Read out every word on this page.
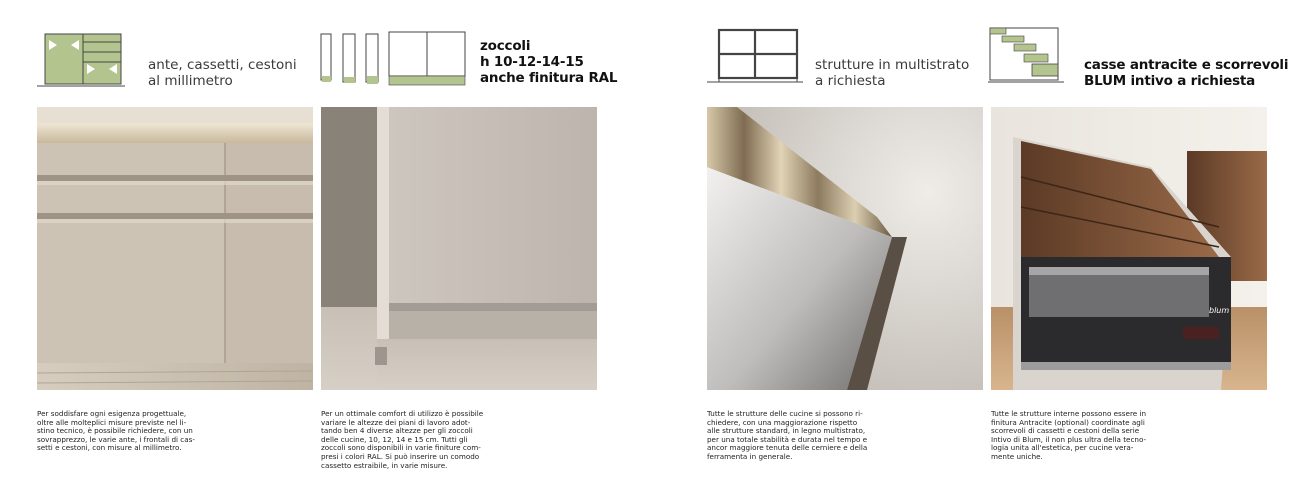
ante, cassetti, cestoni
al millimetro
zoccoli
h 10-12-14-15
anche finitura RAL
strutture in multistrato
a richiesta
casse antracite e scorrevoli
BLUM intivo a richiesta
blum
Per soddisfare ogni esigenza progettuale,
oltre alle molteplici misure previste nel li-
stino tecnico, è possibile richiedere, con un
sovrapprezzo, le varie ante, i frontali di cas-
setti e cestoni, con misure al millimetro.
Per un ottimale comfort di utilizzo è possibile
variare le altezze dei piani di lavoro adot-
tando ben 4 diverse altezze per gli zoccoli
delle cucine, 10, 12, 14 e 15 cm. Tutti gli
zoccoli sono disponibili in varie finiture com-
presi i colori RAL. Si può inserire un comodo
cassetto estraibile, in varie misure.
Tutte le strutture delle cucine si possono ri-
chiedere, con una maggiorazione rispetto
alle strutture standard, in legno multistrato,
per una totale stabilità e durata nel tempo e
ancor maggiore tenuta delle cerniere e della
ferramenta in generale.
Tutte le strutture interne possono essere in
finitura Antracite (optional) coordinate agli
scorrevoli di cassetti e cestoni della serie
Intivo di Blum, il non plus ultra della tecno-
logia unita all'estetica, per cucine vera-
mente uniche.
